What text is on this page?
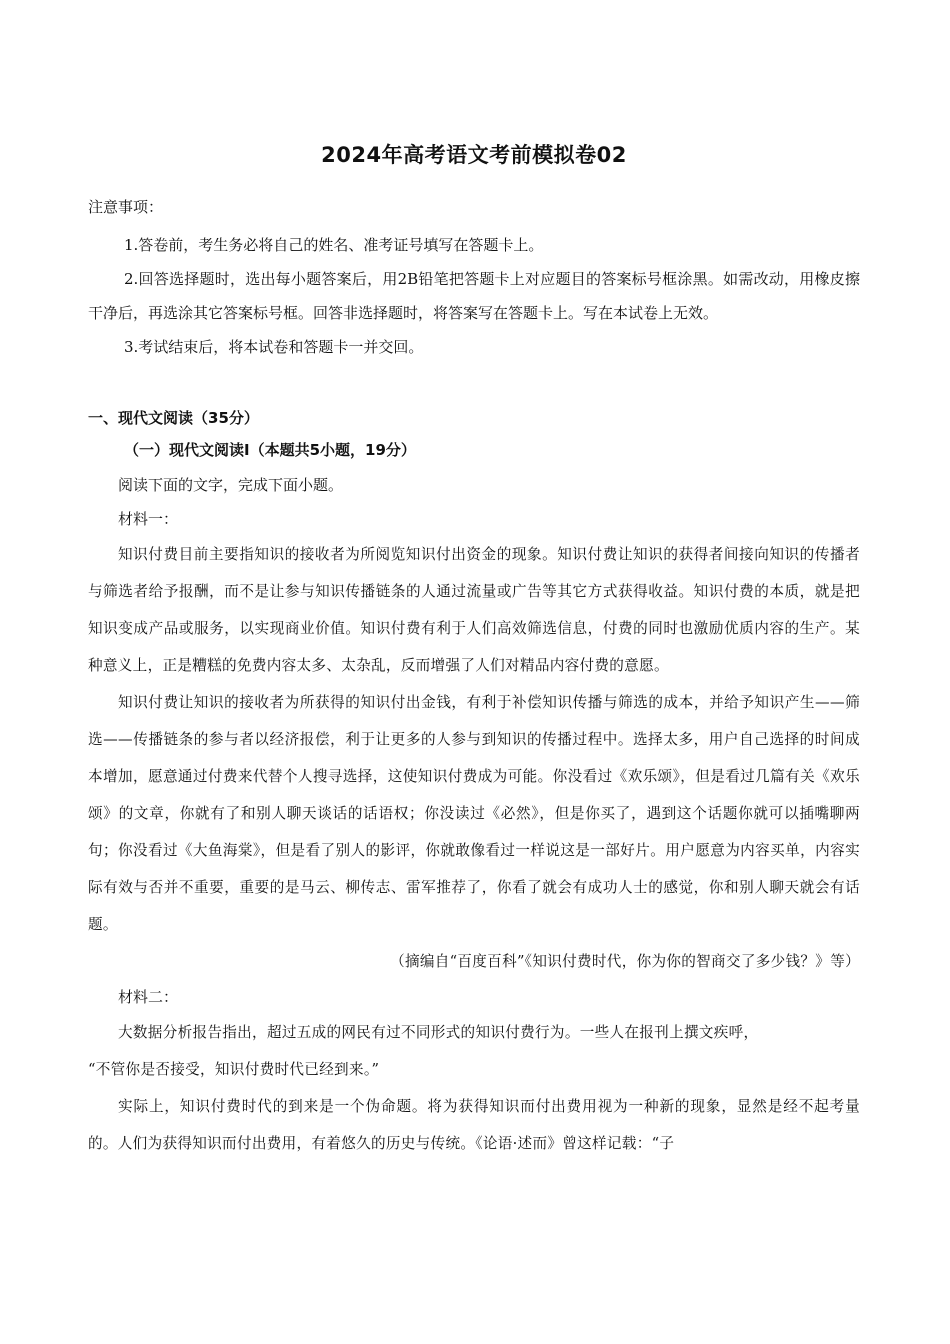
2024年高考语文考前模拟卷02

注意事项：

1.答卷前，考生务必将自己的姓名、准考证号填写在答题卡上。

2.回答选择题时，选出每小题答案后，用2B铅笔把答题卡上对应题目的答案标号框涂黑。如需改动，用橡皮擦干净后，再选涂其它答案标号框。回答非选择题时，将答案写在答题卡上。写在本试卷上无效。

3.考试结束后，将本试卷和答题卡一并交回。

一、现代文阅读（35分）

（一）现代文阅读Ⅰ（本题共5小题，19分）

阅读下面的文字，完成下面小题。

材料一：

知识付费目前主要指知识的接收者为所阅览知识付出资金的现象。知识付费让知识的获得者间接向知识的传播者与筛选者给予报酬，而不是让参与知识传播链条的人通过流量或广告等其它方式获得收益。知识付费的本质，就是把知识变成产品或服务，以实现商业价值。知识付费有利于人们高效筛选信息，付费的同时也激励优质内容的生产。某种意义上，正是糟糕的免费内容太多、太杂乱，反而增强了人们对精品内容付费的意愿。

知识付费让知识的接收者为所获得的知识付出金钱，有利于补偿知识传播与筛选的成本，并给予知识产生——筛选——传播链条的参与者以经济报偿，利于让更多的人参与到知识的传播过程中。选择太多，用户自己选择的时间成本增加，愿意通过付费来代替个人搜寻选择，这使知识付费成为可能。你没看过《欢乐颂》，但是看过几篇有关《欢乐颂》的文章，你就有了和别人聊天谈话的话语权；你没读过《必然》，但是你买了，遇到这个话题你就可以插嘴聊两句；你没看过《大鱼海棠》，但是看了别人的影评，你就敢像看过一样说这是一部好片。用户愿意为内容买单，内容实际有效与否并不重要，重要的是马云、柳传志、雷军推荐了，你看了就会有成功人士的感觉，你和别人聊天就会有话题。

（摘编自“百度百科”《知识付费时代，你为你的智商交了多少钱？》等）

材料二：

大数据分析报告指出，超过五成的网民有过不同形式的知识付费行为。一些人在报刊上撰文疾呼，

“不管你是否接受，知识付费时代已经到来。”

实际上，知识付费时代的到来是一个伪命题。将为获得知识而付出费用视为一种新的现象，显然是经不起考量的。人们为获得知识而付出费用，有着悠久的历史与传统。《论语·述而》曾这样记载：“子
